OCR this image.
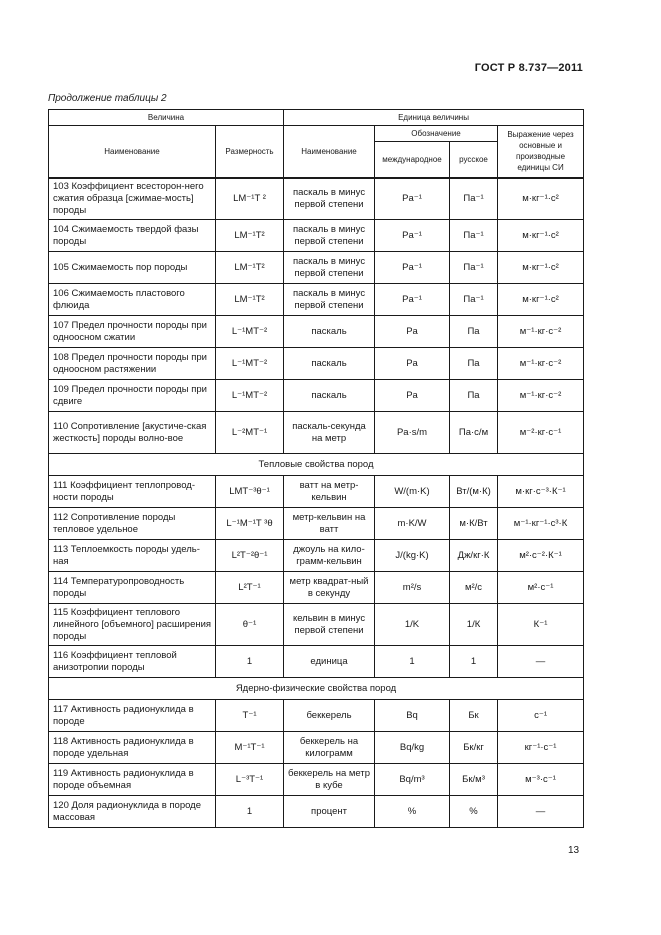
ГОСТ Р 8.737—2011
Продолжение таблицы 2
Величина		Единица величины			
Наименование	Размерность	Наименование	Обозначение		Выражение через основные и производные единицы СИ
			международное	русское	
103 Коэффициент всесторон-него сжатия образца [сжимае-мость] породы	LM⁻¹T ²	паскаль в минус первой степени	Pa⁻¹	Па⁻¹	м·кг⁻¹·с²
104 Сжимаемость твердой фазы породы	LM⁻¹T²	паскаль в минус первой степени	Pa⁻¹	Па⁻¹	м·кг⁻¹·с²
105 Сжимаемость пор породы	LM⁻¹T²	паскаль в минус первой степени	Pa⁻¹	Па⁻¹	м·кг⁻¹·с²
106 Сжимаемость пластового флюида	LM⁻¹T²	паскаль в минус первой степени	Pa⁻¹	Па⁻¹	м·кг⁻¹·с²
107 Предел прочности породы при одноосном сжатии	L⁻¹MT⁻²	паскаль	Pa	Па	м⁻¹·кг·с⁻²
108 Предел прочности породы при одноосном растяжении	L⁻¹MT⁻²	паскаль	Pa	Па	м⁻¹·кг·с⁻²
109 Предел прочности породы при сдвиге	L⁻¹MT⁻²	паскаль	Pa	Па	м⁻¹·кг·с⁻²
110 Сопротивление [акустиче-ская жесткость] породы волно-вое	L⁻²MT⁻¹	паскаль-секунда на метр	Pa·s/m	Па·с/м	м⁻²·кг·с⁻¹
Тепловые свойства пород					
111 Коэффициент теплопровод-ности породы	LMT⁻³θ⁻¹	ватт на метр-кельвин	W/(m·K)	Вт/(м·К)	м·кг·с⁻³·К⁻¹
112 Сопротивление породы тепловое удельное	L⁻¹M⁻¹T ³θ	метр-кельвин на ватт	m·K/W	м·К/Вт	м⁻¹·кг⁻¹·с³·К
113 Теплоемкость породы удель-ная	L²T⁻²θ⁻¹	джоуль на кило-грамм-кельвин	J/(kg·K)	Дж/кг·К	м²·с⁻²·К⁻¹
114 Температуропроводность породы	L²T⁻¹	метр квадрат-ный в секунду	m²/s	м²/с	м²·с⁻¹
115 Коэффициент теплового линейного [объемного] расширения породы	θ⁻¹	кельвин в минус первой степени	1/K	1/К	К⁻¹
116 Коэффициент тепловой анизотропии породы	1	единица	1	1	—
Ядерно-физические свойства пород					
117 Активность радионуклида в породе	T⁻¹	беккерель	Bq	Бк	с⁻¹
118 Активность радионуклида в породе удельная	M⁻¹T⁻¹	беккерель на килограмм	Bq/kg	Бк/кг	кг⁻¹·с⁻¹
119 Активность радионуклида в породе объемная	L⁻³T⁻¹	беккерель на метр в кубе	Bq/m³	Бк/м³	м⁻³·с⁻¹
120 Доля радионуклида в породе массовая	1	процент	%	%	—
13
